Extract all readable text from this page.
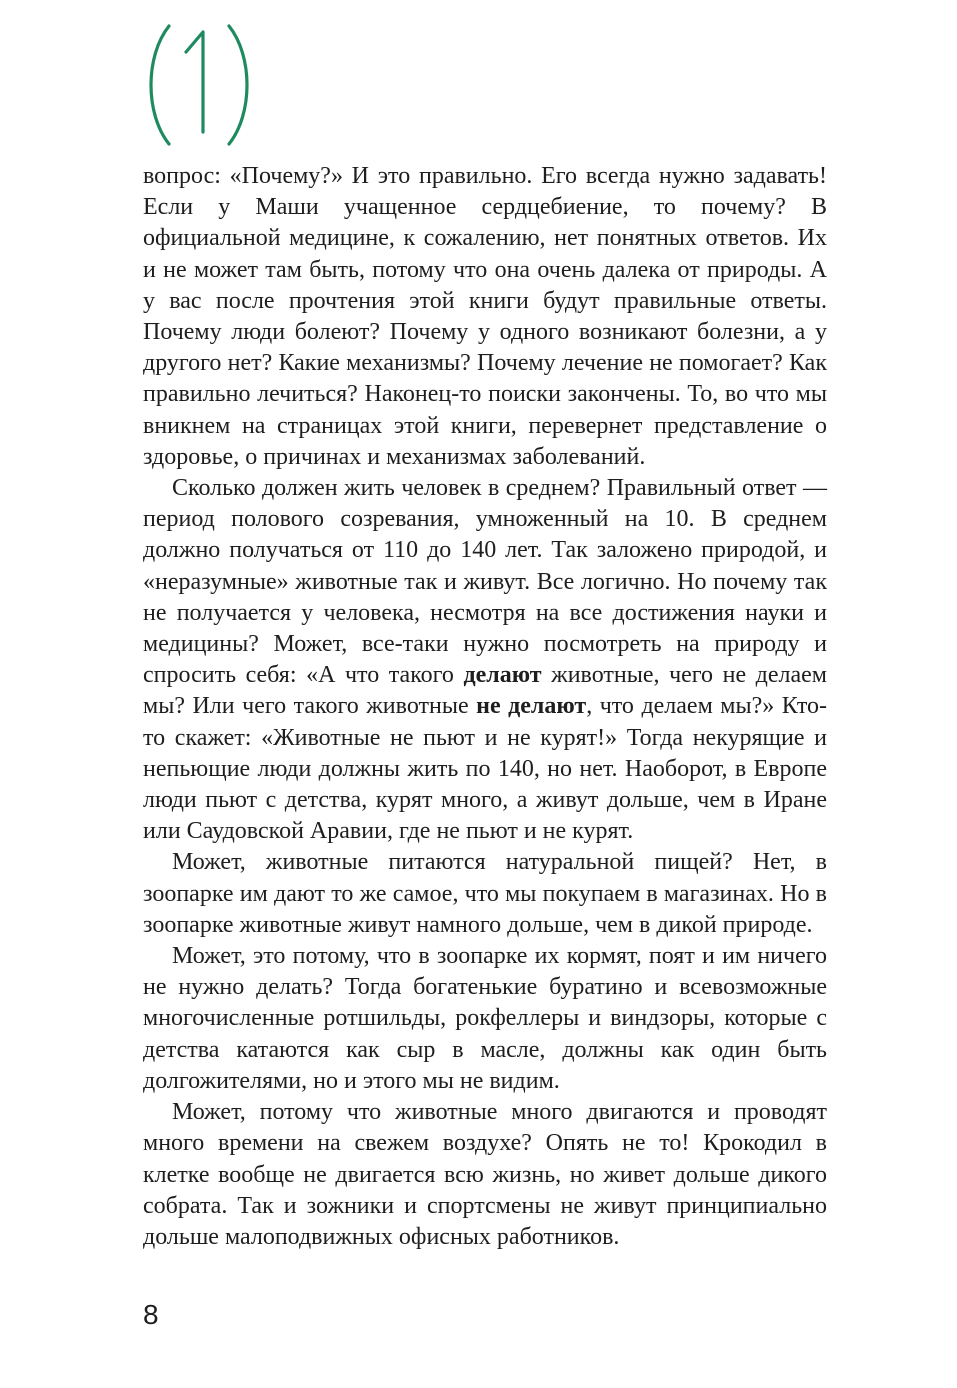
вопрос: «Почему?» И это правильно. Его всегда нужно задавать! Если у Маши учащенное сердцебиение, то почему? В официальной медицине, к сожалению, нет понятных ответов. Их и не может там быть, потому что она очень далека от природы. А у вас после прочтения этой книги будут правильные ответы. Почему люди болеют? Почему у одного возникают болезни, а у другого нет? Какие механизмы? Почему лечение не помогает? Как правильно лечиться? Наконец-то поиски закончены. То, во что мы вникнем на страницах этой книги, перевернет представление о здоровье, о причинах и механизмах заболеваний.

Сколько должен жить человек в среднем? Правильный ответ — период полового созревания, умноженный на 10. В среднем должно получаться от 110 до 140 лет. Так заложено природой, и «неразумные» животные так и живут. Все логично. Но почему так не получается у человека, несмотря на все достижения науки и медицины? Может, все-таки нужно посмотреть на природу и спросить себя: «А что такого делают животные, чего не делаем мы? Или чего такого животные не делают, что делаем мы?» Кто-то скажет: «Животные не пьют и не курят!» Тогда некурящие и непьющие люди должны жить по 140, но нет. Наоборот, в Европе люди пьют с детства, курят много, а живут дольше, чем в Иране или Саудовской Аравии, где не пьют и не курят.

Может, животные питаются натуральной пищей? Нет, в зоопарке им дают то же самое, что мы покупаем в магазинах. Но в зоопарке животные живут намного дольше, чем в дикой природе.

Может, это потому, что в зоопарке их кормят, поят и им ничего не нужно делать? Тогда богатенькие буратино и всевозможные многочисленные ротшильды, рокфеллеры и виндзоры, которые с детства катаются как сыр в масле, должны как один быть долгожителями, но и этого мы не видим.

Может, потому что животные много двигаются и проводят много времени на свежем воздухе? Опять не то! Крокодил в клетке вообще не двигается всю жизнь, но живет дольше дикого собрата. Так и зожники и спортсмены не живут принципиально дольше малоподвижных офисных работников.

8
